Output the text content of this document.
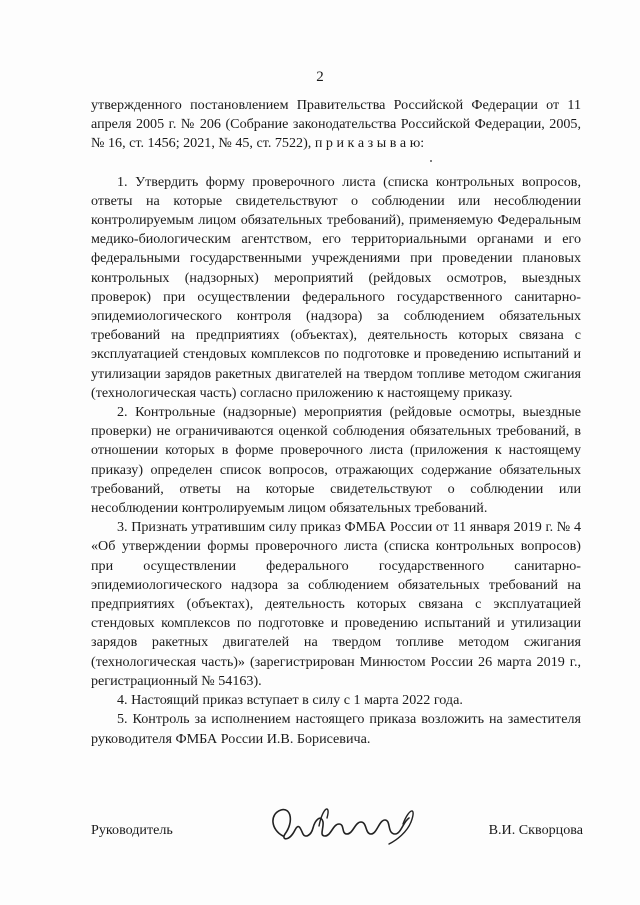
2

утвержденного постановлением Правительства Российской Федерации от 11 апреля 2005 г. № 206 (Собрание законодательства Российской Федерации, 2005, № 16, ст. 1456; 2021, № 45, ст. 7522), п р и к а з ы в а ю:

1. Утвердить форму проверочного листа (списка контрольных вопросов, ответы на которые свидетельствуют о соблюдении или несоблюдении контролируемым лицом обязательных требований), применяемую Федеральным медико-биологическим агентством, его территориальными органами и его федеральными государственными учреждениями при проведении плановых контрольных (надзорных) мероприятий (рейдовых осмотров, выездных проверок) при осуществлении федерального государственного санитарно-эпидемиологического контроля (надзора) за соблюдением обязательных требований на предприятиях (объектах), деятельность которых связана с эксплуатацией стендовых комплексов по подготовке и проведению испытаний и утилизации зарядов ракетных двигателей на твердом топливе методом сжигания (технологическая часть) согласно приложению к настоящему приказу.

2. Контрольные (надзорные) мероприятия (рейдовые осмотры, выездные проверки) не ограничиваются оценкой соблюдения обязательных требований, в отношении которых в форме проверочного листа (приложения к настоящему приказу) определен список вопросов, отражающих содержание обязательных требований, ответы на которые свидетельствуют о соблюдении или несоблюдении контролируемым лицом обязательных требований.

3. Признать утратившим силу приказ ФМБА России от 11 января 2019 г. № 4 «Об утверждении формы проверочного листа (списка контрольных вопросов) при осуществлении федерального государственного санитарно-эпидемиологического надзора за соблюдением обязательных требований на предприятиях (объектах), деятельность которых связана с эксплуатацией стендовых комплексов по подготовке и проведению испытаний и утилизации зарядов ракетных двигателей на твердом топливе методом сжигания (технологическая часть)» (зарегистрирован Минюстом России 26 марта 2019 г., регистрационный № 54163).

4. Настоящий приказ вступает в силу с 1 марта 2022 года.

5. Контроль за исполнением настоящего приказа возложить на заместителя руководителя ФМБА России И.В. Борисевича.

Руководитель	В.И. Скворцова
